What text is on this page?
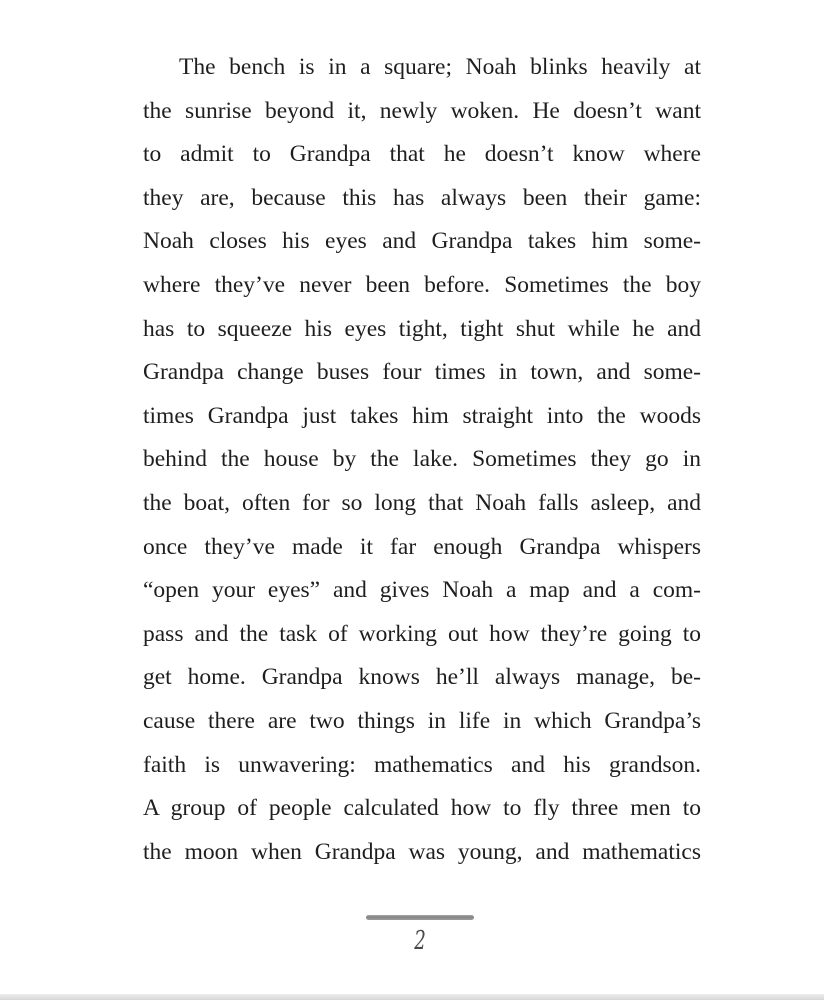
The bench is in a square; Noah blinks heavily at
the sunrise beyond it, newly woken. He doesn’t want
to admit to Grandpa that he doesn’t know where
they are, because this has always been their game:
Noah closes his eyes and Grandpa takes him some-
where they’ve never been before. Sometimes the boy
has to squeeze his eyes tight, tight shut while he and
Grandpa change buses four times in town, and some-
times Grandpa just takes him straight into the woods
behind the house by the lake. Sometimes they go in
the boat, often for so long that Noah falls asleep, and
once they’ve made it far enough Grandpa whispers
“open your eyes” and gives Noah a map and a com-
pass and the task of working out how they’re going to
get home. Grandpa knows he’ll always manage, be-
cause there are two things in life in which Grandpa’s
faith is unwavering: mathematics and his grandson.
A group of people calculated how to fly three men to
the moon when Grandpa was young, and mathematics
2
